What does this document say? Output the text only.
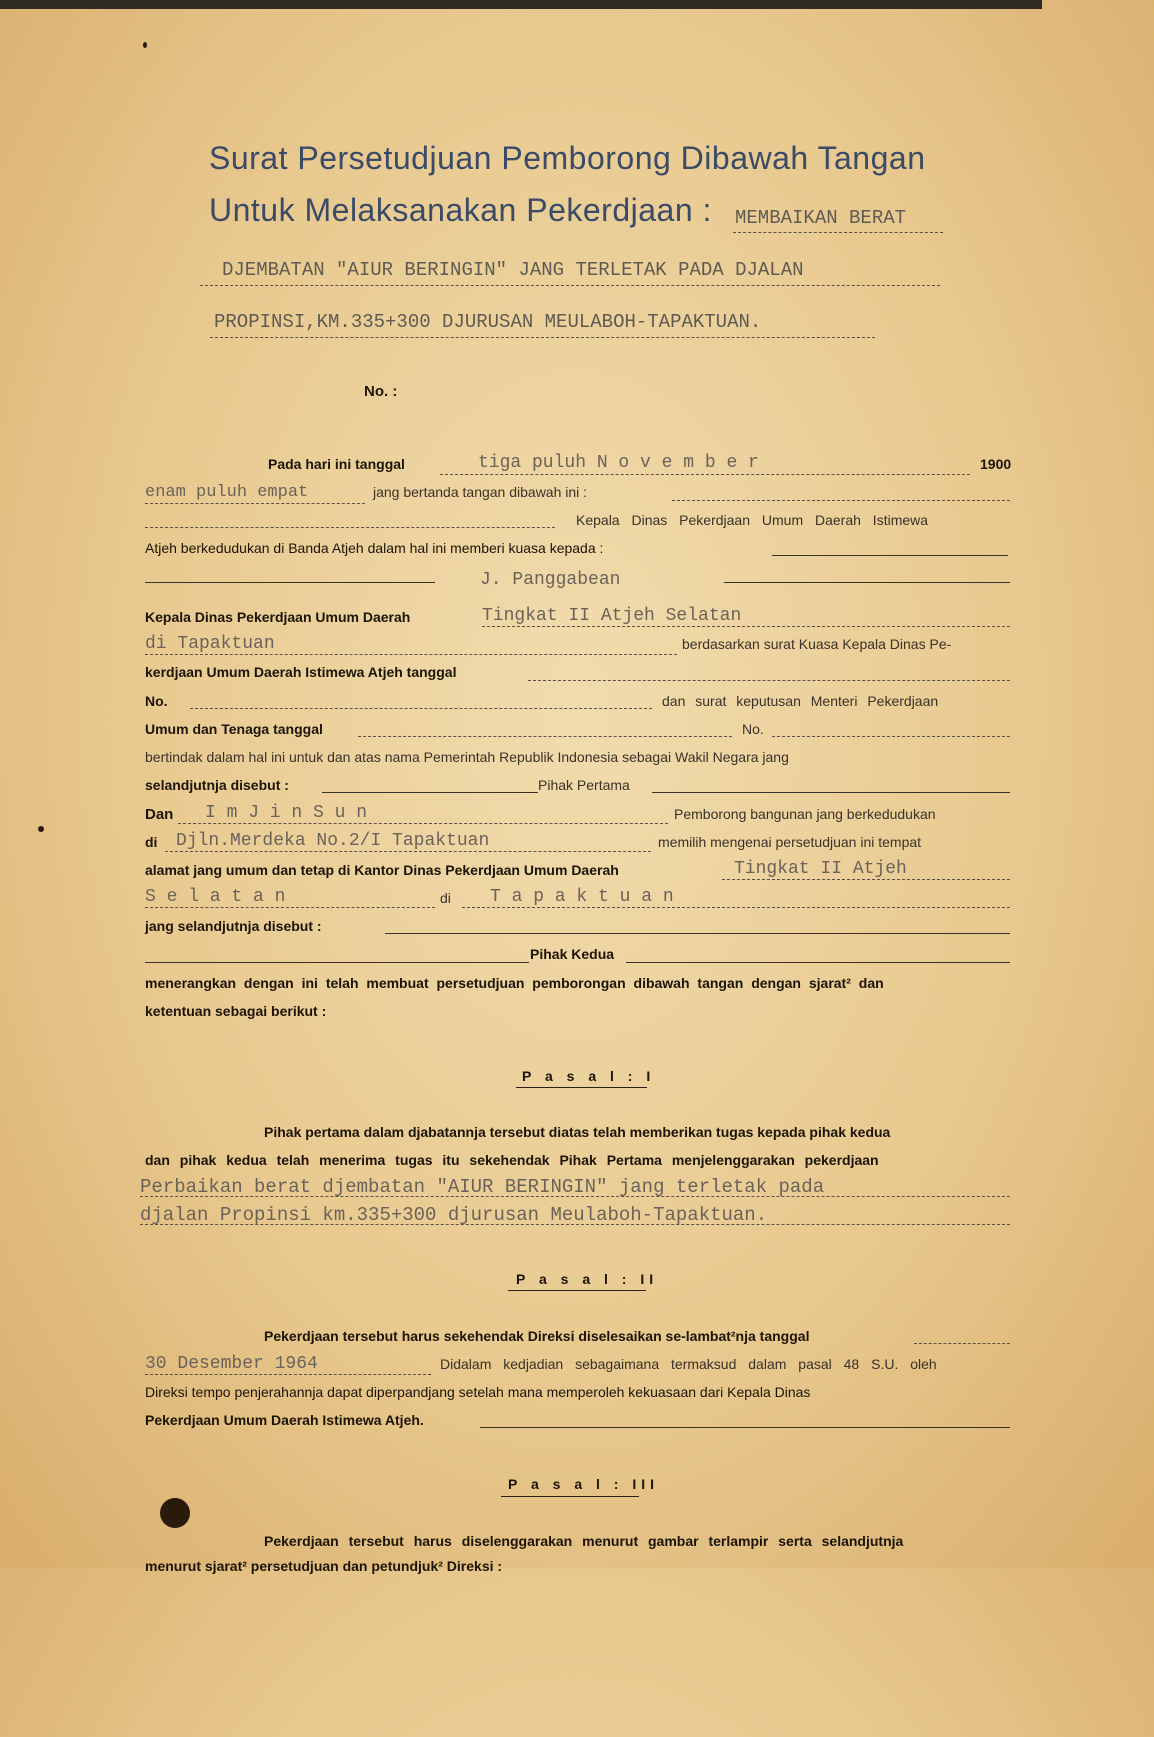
Surat Persetudjuan Pemborong Dibawah Tangan
Untuk Melaksanakan Pekerdjaan : MEMBAIKAN BERAT
DJEMBATAN "AIUR BERINGIN" JANG TERLETAK PADA DJALAN
PROPINSI,KM.335+300 DJURUSAN MEULABOH-TAPAKTUAN.
No. :
Pada hari ini tanggal	tiga puluh N o v e m b e r	1900
enam puluh empat	jang bertanda tangan dibawah ini :
Kepala Dinas Pekerdjaan Umum Daerah Istimewa
Atjeh berkedudukan di Banda Atjeh dalam hal ini memberi kuasa kepada :
J. Panggabean
Kepala Dinas Pekerdjaan Umum Daerah	Tingkat II Atjeh Selatan
di Tapaktuan	berdasarkan surat Kuasa Kepala Dinas Pe-
kerdjaan Umum Daerah Istimewa Atjeh tanggal
No.	dan surat keputusan Menteri Pekerdjaan
Umum dan Tenaga tanggal	No.
bertindak dalam hal ini untuk dan atas nama Pemerintah Republik Indonesia sebagai Wakil Negara jang
selandjutnja disebut :	Pihak Pertama
Dan I m J i n S u n	Pemborong bangunan jang berkedudukan
di Djln.Merdeka No.2/I Tapaktuan	memilih mengenai persetudjuan ini tempat
alamat jang umum dan tetap di Kantor Dinas Pekerdjaan Umum Daerah	Tingkat II Atjeh
S e l a t a n	di T a p a k t u a n
jang selandjutnja disebut :
Pihak Kedua
menerangkan dengan ini telah membuat persetudjuan pemborongan dibawah tangan dengan sjarat² dan
ketentuan sebagai berikut :
P a s a l : I
Pihak pertama dalam djabatannja tersebut diatas telah memberikan tugas kepada pihak kedua
dan pihak kedua telah menerima tugas itu sekehendak Pihak Pertama menjelenggarakan pekerdjaan
Perbaikan berat djembatan "AIUR BERINGIN" jang terletak pada
djalan Propinsi km.335+300 djurusan Meulaboh-Tapaktuan.
P a s a l : II
Pekerdjaan tersebut harus sekehendak Direksi diselesaikan se-lambat²nja tanggal
30 Desember 1964	Didalam kedjadian sebagaimana termaksud dalam pasal 48 S.U. oleh
Direksi tempo penjerahannja dapat diperpandjang setelah mana memperoleh kekuasaan dari Kepala Dinas
Pekerdjaan Umum Daerah Istimewa Atjeh.
P a s a l : III
Pekerdjaan tersebut harus diselenggarakan menurut gambar terlampir serta selandjutnja
menurut sjarat² persetudjuan dan petundjuk² Direksi :
